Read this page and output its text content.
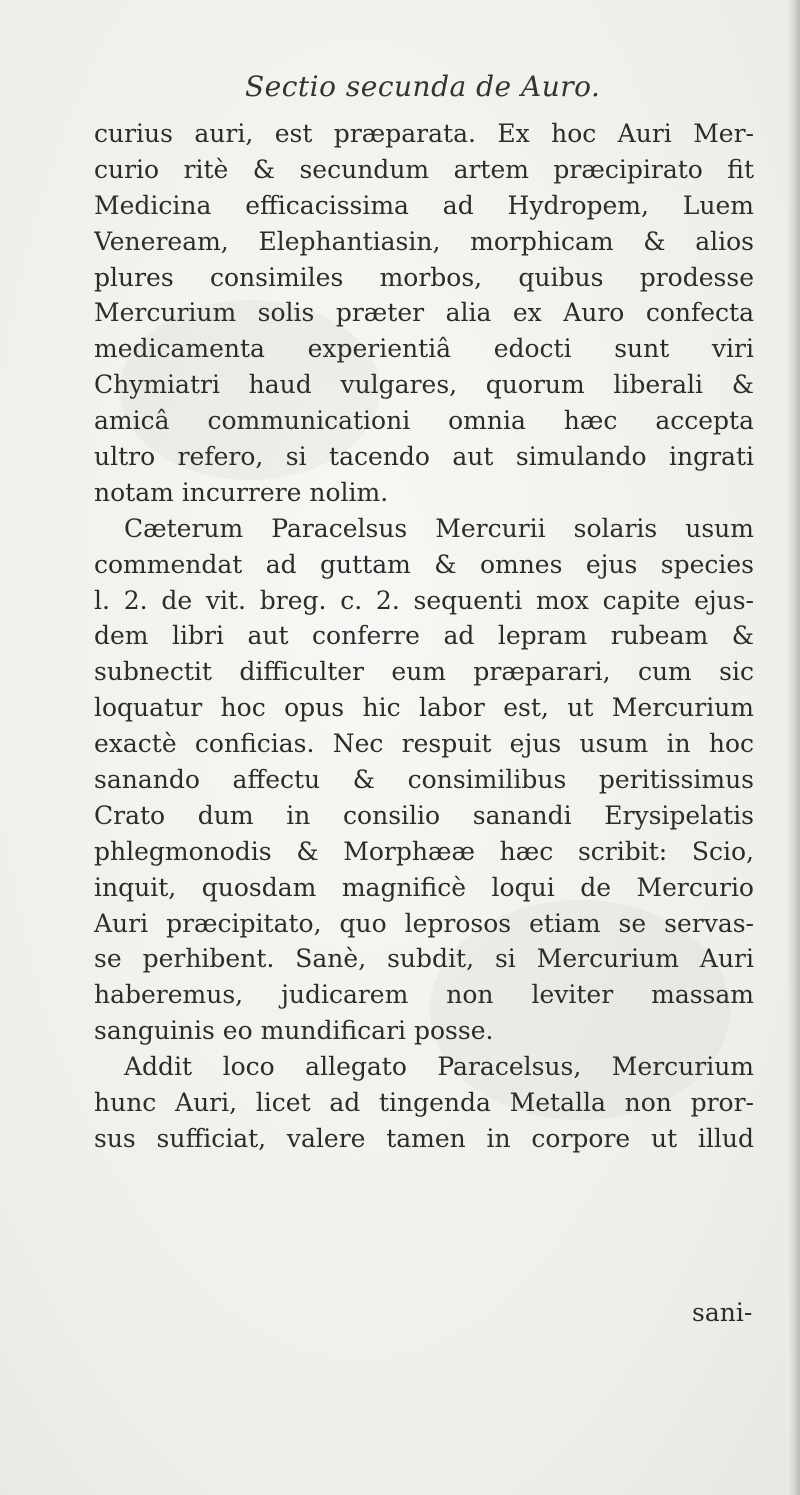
Sectio secunda de Auro.
curius auri, est præparata. Ex hoc Auri Mer-
curio ritè & secundum artem præcipirato fit
Medicina efficacissima ad Hydropem, Luem
Veneream, Elephantiasin, morphicam & alios
plures consimiles morbos, quibus prodesse
Mercurium solis præter alia ex Auro confecta
medicamenta experientiâ edocti sunt viri
Chymiatri haud vulgares, quorum liberali &
amicâ communicationi omnia hæc accepta
ultro refero, si tacendo aut simulando ingrati
notam incurrere nolim.
Cæterum Paracelsus Mercurii solaris usum
commendat ad guttam & omnes ejus species
l. 2. de vit. breg. c. 2. sequenti mox capite ejus-
dem libri aut conferre ad lepram rubeam &
subnectit difficulter eum præparari, cum sic
loquatur hoc opus hic labor est, ut Mercurium
exactè conficias. Nec respuit ejus usum in hoc
sanando affectu & consimilibus peritissimus
Crato dum in consilio sanandi Erysipelatis
phlegmonodis & Morphææ hæc scribit: Scio,
inquit, quosdam magnificè loqui de Mercurio
Auri præcipitato, quo leprosos etiam se servas-
se perhibent. Sanè, subdit, si Mercurium Auri
haberemus, judicarem non leviter massam
sanguinis eo mundificari posse.
Addit loco allegato Paracelsus, Mercurium
hunc Auri, licet ad tingenda Metalla non pror-
sus sufficiat, valere tamen in corpore ut illud
sani-
